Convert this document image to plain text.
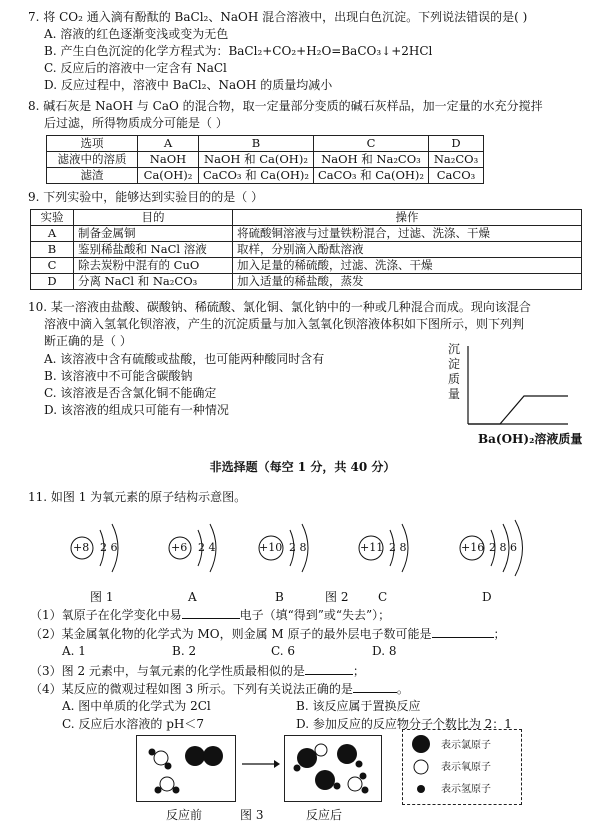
7. 将 CO₂ 通入滴有酚酞的 BaCl₂、NaOH 混合溶液中，出现白色沉淀。下列说法错误的是( )
A. 溶液的红色逐渐变浅或变为无色
B. 产生白色沉淀的化学方程式为：BaCl₂+CO₂+H₂O=BaCO₃↓+2HCl
C. 反应后的溶液中一定含有 NaCl
D. 反应过程中，溶液中 BaCl₂、NaOH 的质量均减小
8. 碱石灰是 NaOH 与 CaO 的混合物，取一定量部分变质的碱石灰样品，加一定量的水充分搅拌
后过滤，所得物质成分可能是（ ）
选项	A	B	C	D
滤液中的溶质	NaOH	NaOH 和 Ca(OH)₂	NaOH 和 Na₂CO₃	Na₂CO₃
滤渣	Ca(OH)₂	CaCO₃ 和 Ca(OH)₂	CaCO₃ 和 Ca(OH)₂	CaCO₃
9. 下列实验中，能够达到实验目的的是（ ）
实验	目的	操作
A	制备金属铜	将硫酸铜溶液与过量铁粉混合，过滤、洗涤、干燥
B	鉴别稀盐酸和 NaCl 溶液	取样，分别滴入酚酞溶液
C	除去炭粉中混有的 CuO	加入足量的稀硫酸，过滤、洗涤、干燥
D	分离 NaCl 和 Na₂CO₃	加入适量的稀盐酸，蒸发
10. 某一溶液由盐酸、碳酸钠、稀硫酸、氯化铜、氯化钠中的一种或几种混合而成。现向该混合
溶液中滴入氢氧化钡溶液，产生的沉淀质量与加入氢氧化钡溶液体积如下图所示，则下列判
断正确的是（ ）
A. 该溶液中含有硫酸或盐酸，也可能两种酸同时含有
B. 该溶液中不可能含碳酸钠
C. 该溶液是否含氯化铜不能确定
D. 该溶液的组成只可能有一种情况
沉淀质量
Ba(OH)₂溶液质量
非选择题（每空 1 分，共 40 分）
11. 如图 1 为氧元素的原子结构示意图。
+8 2 6	+6 2 4	+10 2 8	+11 2 8	+16 2 8 6
图 1	A	B	图 2 C	D
（1）氧原子在化学变化中易	电子（填“得到”或“失去”）；
（2）某金属氧化物的化学式为 MO，则金属 M 原子的最外层电子数可能是	；
A. 1	B. 2	C. 6	D. 8
（3）图 2 元素中，与氧元素的化学性质最相似的是	；
（4）某反应的微观过程如图 3 所示。下列有关说法正确的是	。
A. 图中单质的化学式为 2Cl	B. 该反应属于置换反应
C. 反应后水溶液的 pH＜7	D. 参加反应的反应物分子个数比为 2：1
表示氯原子
表示氧原子
表示氢原子
反应前	图 3	反应后
